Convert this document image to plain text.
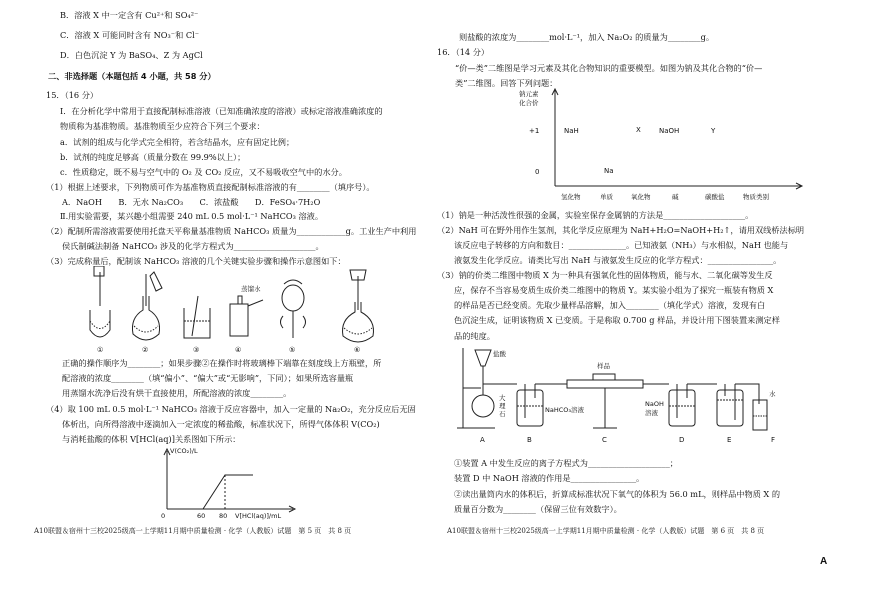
B．溶液 X 中一定含有 Cu²⁺和 SO₄²⁻
C．溶液 X 可能同时含有 NO₃⁻和 Cl⁻
D．白色沉淀 Y 为 BaSO₄、Z 为 AgCl
二、非选择题（本题包括 4 小题，共 58 分）
15．（16 分）
Ⅰ．在分析化学中常用于直接配制标准溶液（已知准确浓度的溶液）或标定溶液准确浓度的
物质称为基准物质。基准物质至少应符合下列三个要求：
a．试剂的组成与化学式完全相符，若含结晶水，应有固定比例；
b．试剂的纯度足够高（质量分数在 99.9%以上）；
c．性质稳定，既不易与空气中的 O₂ 及 CO₂ 反应，又不易吸收空气中的水分。
（1）根据上述要求，下列物质可作为基准物质直接配制标准溶液的有________（填序号）。
A．NaOH　　B．无水 Na₂CO₃　　C．浓盐酸　　D．FeSO₄·7H₂O
Ⅱ.用实验需要，某兴趣小组需要 240 mL 0.5 mol·L⁻¹ NaHCO₃ 溶液。
（2）配制所需溶液需要使用托盘天平称量基准物质 NaHCO₃ 质量为____________g。工业生产中利用
侯氏制碱法制备 NaHCO₃ 涉及的化学方程式为____________________。
（3）完成称量后，配制该 NaHCO₃ 溶液的几个关键实验步骤和操作示意图如下：
蒸馏水
①	②	③	④	⑤	⑥
正确的操作顺序为________；如果步骤②在操作时将玻璃棒下端靠在刻度线上方瓶壁，所
配溶液的浓度________（填“偏小”、“偏大”或“无影响”，下同）；如果所选容量瓶
用蒸馏水洗净后没有烘干直接使用，所配溶液的浓度________。
（4）取 100 mL 0.5 mol·L⁻¹ NaHCO₃ 溶液于反应容器中，加入一定量的 Na₂O₂，充分反应后无固
体析出，向所得溶液中逐滴加入一定浓度的稀盐酸，标准状况下，所得气体体积 V(CO₂)
与消耗盐酸的体积 V[HCl(aq)]关系图如下所示：
V(CO₂)/L
0	60 80 V[HCl(aq)]/mL
A10联盟＆宿州十三校2025级高一上学期11月期中质量检测 · 化学（人教版）试题　第 5 页　共 8 页
则盐酸的浓度为________mol·L⁻¹，加入 Na₂O₂ 的质量为________g。
16．（14 分）
“价—类”二维图是学习元素及其化合物知识的重要模型。如图为钠及其化合物的“价—
类”二维图。回答下列问题：
钠元素
化合价
+1
0
NaH	X	NaOH	Y
Na
氢化物	单质	氧化物	碱	碳酸盐	物质类别
（1）钠是一种活泼性很强的金属，实验室保存金属钠的方法是____________________。
（2）NaH 可在野外用作生氢剂，其化学反应原理为 NaH+H₂O=NaOH+H₂↑，请用双线桥法标明
该反应电子转移的方向和数目：______________。已知液氨（NH₃）与水相似，NaH 也能与
液氨发生化学反应。请类比写出 NaH 与液氨发生反应的化学方程式：________________。
（3）钠的价类二维图中物质 X 为一种具有强氧化性的固体物质，能与水、二氧化碳等发生反
应，保存不当容易变质生成价类二维图中的物质 Y。某实验小组为了探究一瓶装有物质 X
的样品是否已经变质。先取少量样品溶解，加入________（填化学式）溶液，发现有白
色沉淀生成，证明该物质 X 已变质。于是称取 0.700 g 样品，并设计用下图装置来测定样
品的纯度。
盐酸
大
理
石	NaHCO₃溶液
样品
NaOH
溶液
水
A	B	C	D	E	F
①装置 A 中发生反应的离子方程式为____________________；
装置 D 中 NaOH 溶液的作用是________________。
②读出量筒内水的体积后，折算成标准状况下氧气的体积为 56.0 mL，则样品中物质 X 的
质量百分数为________（保留三位有效数字）。
A10联盟＆宿州十三校2025级高一上学期11月期中质量检测 · 化学（人教版）试题　第 6 页　共 8 页
A
